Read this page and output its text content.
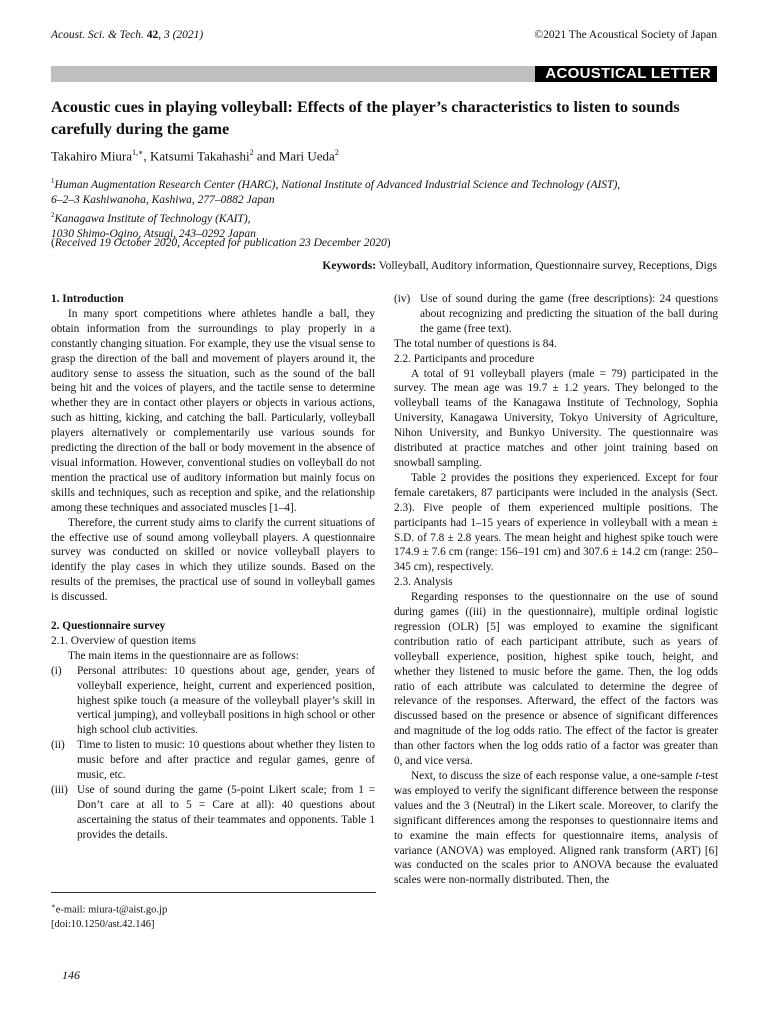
Acoust. Sci. & Tech. 42, 3 (2021)	©2021 The Acoustical Society of Japan
ACOUSTICAL LETTER
Acoustic cues in playing volleyball: Effects of the player’s characteristics to listen to sounds carefully during the game
Takahiro Miura$^{1,∗}$, Katsumi Takahashi$^2$ and Mari Ueda$^2$
$^1$Human Augmentation Research Center (HARC), National Institute of Advanced Industrial Science and Technology (AIST),
6–2–3 Kashiwanoha, Kashiwa, 277–0882 Japan
$^2$Kanagawa Institute of Technology (KAIT),
1030 Shimo-Ogino, Atsugi, 243–0292 Japan
(Received 19 October 2020, Accepted for publication 23 December 2020)
Keywords: Volleyball, Auditory information, Questionnaire survey, Receptions, Digs
1. Introduction

In many sport competitions where athletes handle a ball, they obtain information from the surroundings to play properly in a constantly changing situation. For example, they use the visual sense to grasp the direction of the ball and movement of players around it, the auditory sense to assess the situation, such as the sound of the ball being hit and the voices of players, and the tactile sense to determine whether they are in contact other players or objects in various actions, such as hitting, kicking, and catching the ball. Particularly, volleyball players alternatively or complementarily use various sounds for predicting the direction of the ball or body movement in the absence of visual information. However, conventional studies on volleyball do not mention the practical use of auditory information but mainly focus on skills and techniques, such as reception and spike, and the relationship among these techniques and associated muscles [1–4].

Therefore, the current study aims to clarify the current situations of the effective use of sound among volleyball players. A questionnaire survey was conducted on skilled or novice volleyball players to identify the play cases in which they utilize sounds. Based on the results of the premises, the practical use of sound in volleyball games is discussed.

2. Questionnaire survey
2.1. Overview of question items

The main items in the questionnaire are as follows:

(i)	Personal attributes: 10 questions about age, gender, years of volleyball experience, height, current and experienced position, highest spike touch (a measure of the volleyball player’s skill in vertical jumping), and volleyball positions in high school or other high school club activities.
(ii)	Time to listen to music: 10 questions about whether they listen to music before and after practice and regular games, genre of music, etc.
(iii) Use of sound during the game (5-point Likert scale; from 1 = Don’t care at all to 5 = Care at all): 40 questions about ascertaining the status of their teammates and opponents. Table 1 provides the details.
(iv) Use of sound during the game (free descriptions): 24 questions about recognizing and predicting the situation of the ball during the game (free text).

The total number of questions is 84.

2.2. Participants and procedure

A total of 91 volleyball players (male = 79) participated in the survey. The mean age was 19.7 ± 1.2 years. They belonged to the volleyball teams of the Kanagawa Institute of Technology, Sophia University, Kanagawa University, Tokyo University of Agriculture, Nihon University, and Bunkyo University. The questionnaire was distributed at practice matches and other joint training based on snowball sampling.

Table 2 provides the positions they experienced. Except for four female caretakers, 87 participants were included in the analysis (Sect. 2.3). Five people of them experienced multiple positions. The participants had 1–15 years of experience in volleyball with a mean ± S.D. of 7.8 ± 2.8 years. The mean height and highest spike touch were 174.9 ± 7.6 cm (range: 156–191 cm) and 307.6 ± 14.2 cm (range: 250–345 cm), respectively.

2.3. Analysis

Regarding responses to the questionnaire on the use of sound during games ((iii) in the questionnaire), multiple ordinal logistic regression (OLR) [5] was employed to examine the significant contribution ratio of each participant attribute, such as years of volleyball experience, position, highest spike touch, height, and whether they listened to music before the game. Then, the log odds ratio of each attribute was calculated to determine the degree of relevance of the responses. Afterward, the effect of the factors was discussed based on the presence or absence of significant differences and magnitude of the log odds ratio. The effect of the factor is greater than other factors when the log odds ratio of a factor was greater than 0, and vice versa.

Next, to discuss the size of each response value, a one-sample t-test was employed to verify the significant difference between the response values and the 3 (Neutral) in the Likert scale. Moreover, to clarify the significant differences among the responses to questionnaire items and to examine the main effects for questionnaire items, analysis of variance (ANOVA) was employed. Aligned rank transform (ART) [6] was conducted on the scales prior to ANOVA because the evaluated scales were non-normally distributed. Then, the

∗e-mail: miura-t@aist.go.jp
[doi:10.1250/ast.42.146]
146
